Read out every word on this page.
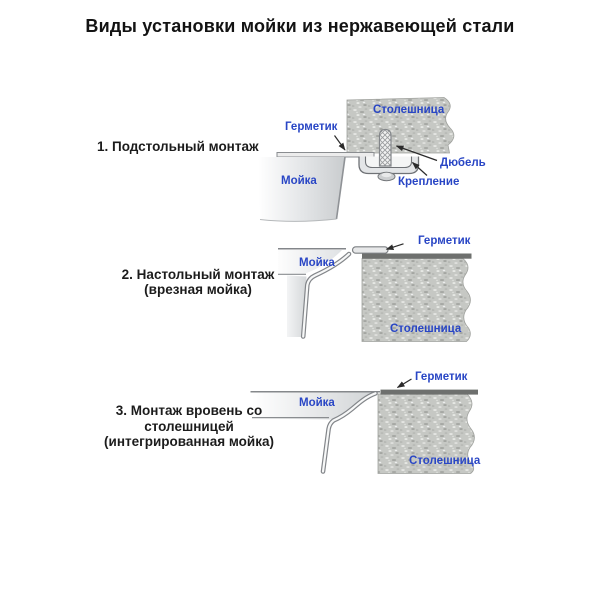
Виды установки мойки из нержавеющей стали
1. Подстольный монтаж
Столешница
Герметик
Мойка
Дюбель
Крепление
2. Настольный монтаж
(врезная мойка)
Герметик
Мойка
Столешница
3. Монтаж вровень со
столешницей
(интегрированная мойка)
Герметик
Мойка
Столешница
